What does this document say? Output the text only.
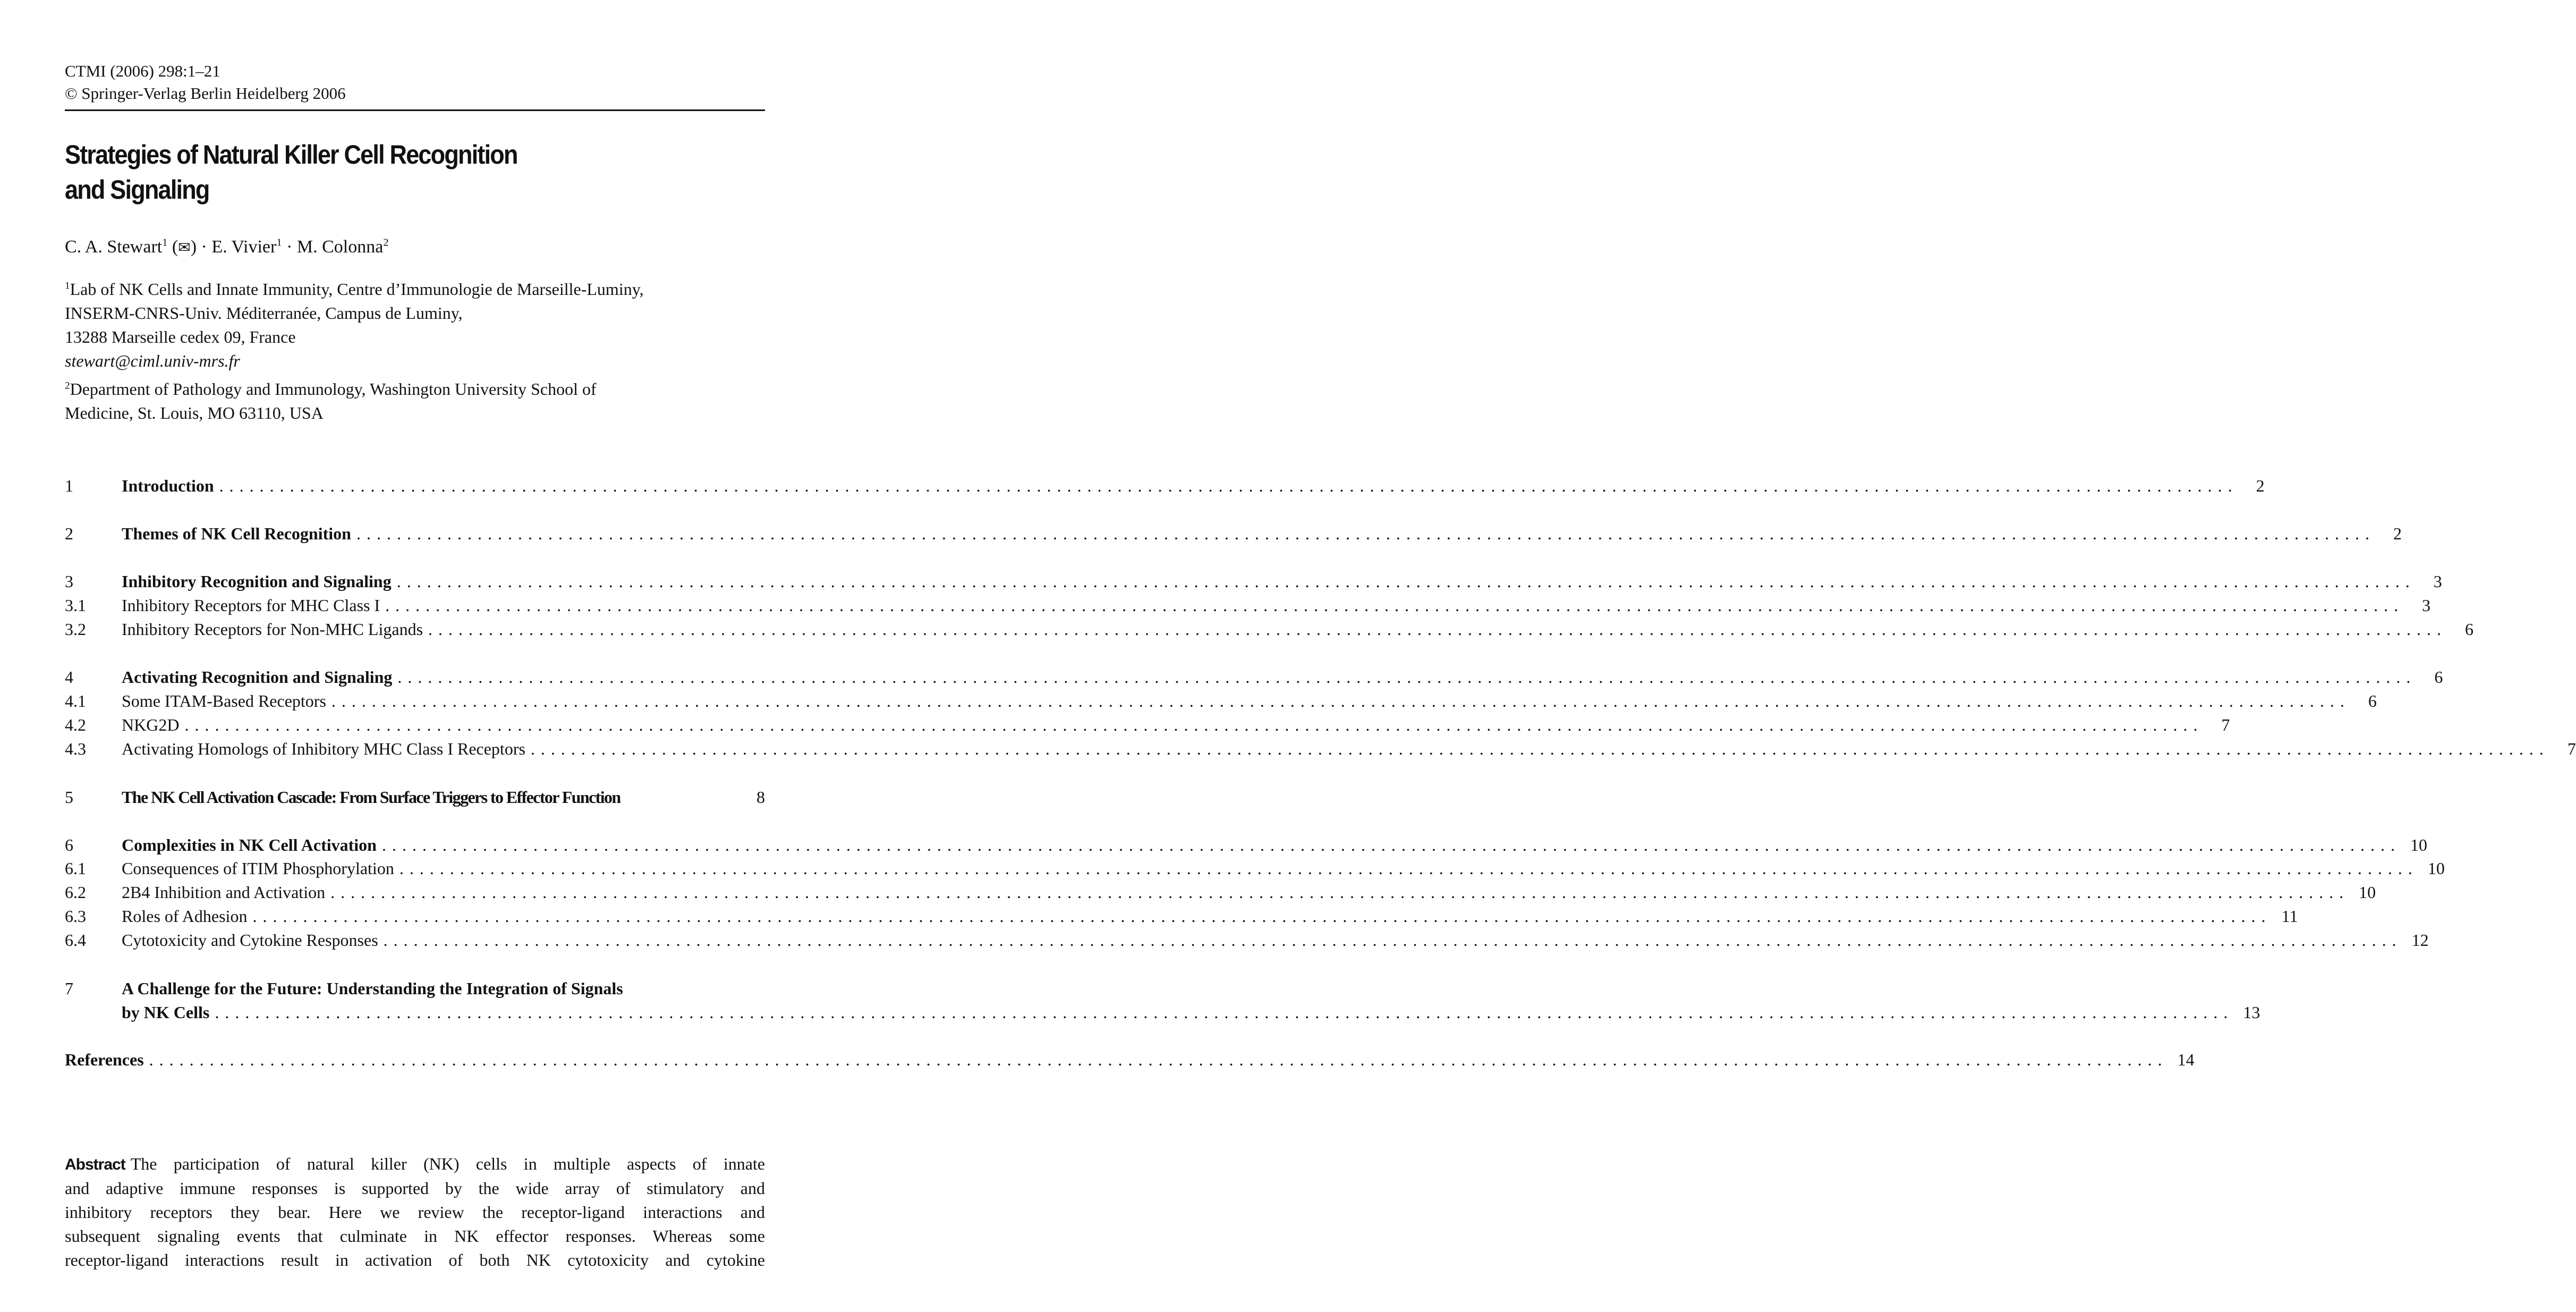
CTMI (2006) 298:1–21
© Springer-Verlag Berlin Heidelberg 2006
Strategies of Natural Killer Cell Recognition
and Signaling
C. A. Stewart$^1$ (✉) · E. Vivier$^1$ · M. Colonna$^2$
$^1$Lab of NK Cells and Innate Immunity, Centre d’Immunologie de Marseille-Luminy,
INSERM-CNRS-Univ. Méditerranée, Campus de Luminy,
13288 Marseille cedex 09, France
stewart@ciml.univ-mrs.fr
$^2$Department of Pathology and Immunology, Washington University School of
Medicine, St. Louis, MO 63110, USA
1	Introduction ........................................................................................................................................................................................................	2
2	Themes of NK Cell Recognition ........................................................................................................................................................................................................	2
3	Inhibitory Recognition and Signaling ........................................................................................................................................................................................................	3
3.1	Inhibitory Receptors for MHC Class I ........................................................................................................................................................................................................	3
3.2	Inhibitory Receptors for Non-MHC Ligands ........................................................................................................................................................................................................	6
4	Activating Recognition and Signaling ........................................................................................................................................................................................................	6
4.1	Some ITAM-Based Receptors ........................................................................................................................................................................................................	6
4.2	NKG2D ........................................................................................................................................................................................................	7
4.3	Activating Homologs of Inhibitory MHC Class I Receptors ........................................................................................................................................................................................................	7
5	The NK Cell Activation Cascade: From Surface Triggers to Effector Function	8
6	Complexities in NK Cell Activation ........................................................................................................................................................................................................ 10
6.1	Consequences of ITIM Phosphorylation ........................................................................................................................................................................................................ 10
6.2	2B4 Inhibition and Activation ........................................................................................................................................................................................................ 10
6.3	Roles of Adhesion ........................................................................................................................................................................................................ 11
6.4	Cytotoxicity and Cytokine Responses ........................................................................................................................................................................................................ 12
7	A Challenge for the Future: Understanding the Integration of Signals
by NK Cells ........................................................................................................................................................................................................ 13
References ........................................................................................................................................................................................................ 14
Abstract The participation of natural killer (NK) cells in multiple aspects of innate
and adaptive immune responses is supported by the wide array of stimulatory and
inhibitory receptors they bear. Here we review the receptor-ligand interactions and
subsequent signaling events that culminate in NK effector responses. Whereas some
receptor-ligand interactions result in activation of both NK cytotoxicity and cytokine
